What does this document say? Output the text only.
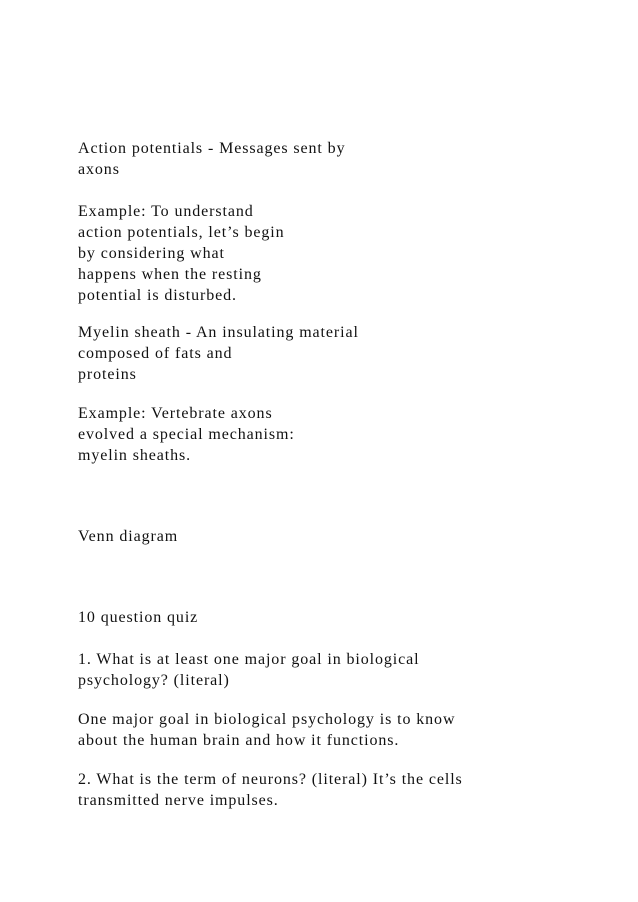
Action potentials - Messages sent by

axons

Example: To understand

action potentials, let’s begin

by considering what

happens when the resting

potential is disturbed.

Myelin sheath - An insulating material

composed of fats and

proteins

Example: Vertebrate axons

evolved a special mechanism:

myelin sheaths.

Venn diagram

10 question quiz

1. What is at least one major goal in biological

psychology? (literal)

One major goal in biological psychology is to know

about the human brain and how it functions.

2. What is the term of neurons? (literal) It’s the cells

transmitted nerve impulses.
